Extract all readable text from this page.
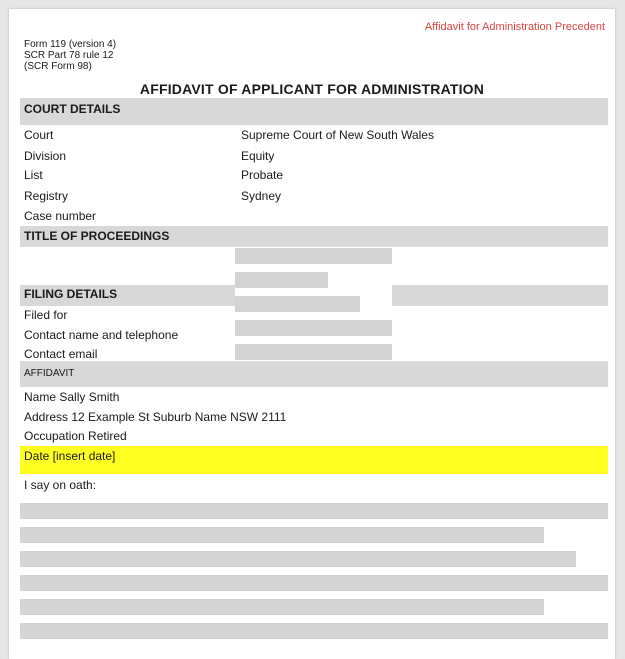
Affidavit for Administration Precedent
Form 119 (version 4)
SCR Part 78 rule 12
(SCR Form 98)
AFFIDAVIT OF APPLICANT FOR ADMINISTRATION
COURT DETAILS
Court	Supreme Court of New South Wales
Division	Equity
List	Probate
Registry	Sydney
Case number
TITLE OF PROCEEDINGS
FILING DETAILS
Filed for
Contact name and telephone
Contact email
AFFIDAVIT
Name Sally Smith
Address 12 Example St Suburb Name NSW 2111
Occupation Retired
Date [insert date]
I say on oath:
